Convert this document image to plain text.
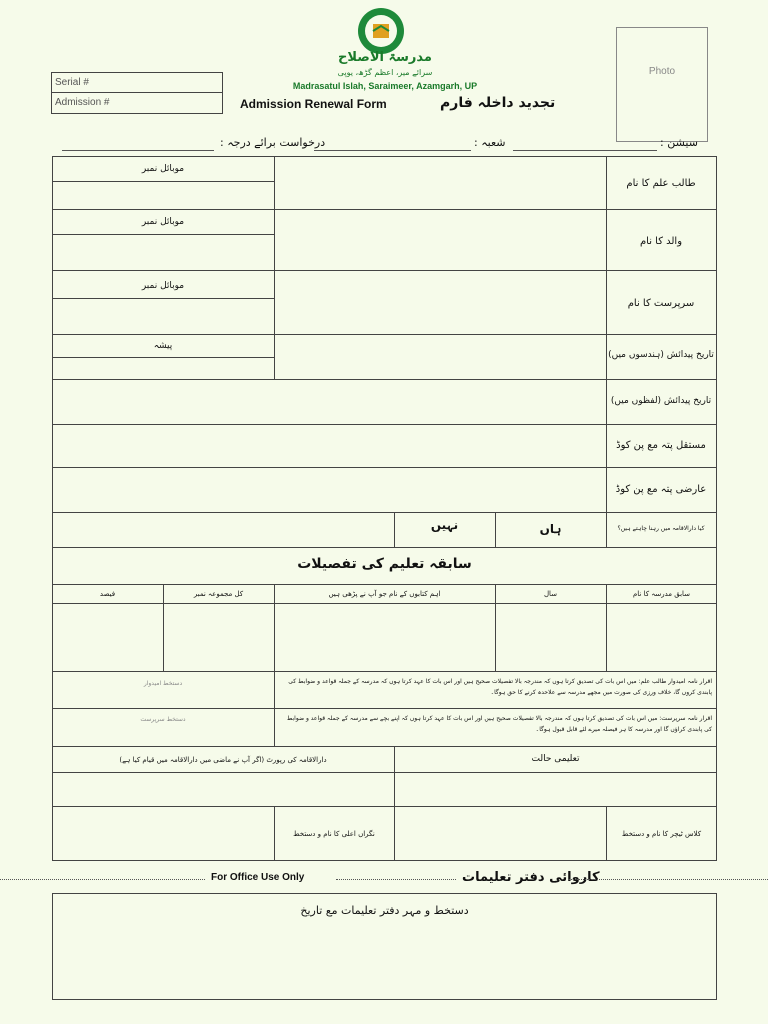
مدرسۃ الاصلاح
سرائے میر، اعظم گڑھ، یوپی
Madrasatul Islah, Saraimeer, Azamgarh, UP
Serial #
Admission #
Photo
Admission Renewal Form	تجدید داخلہ فارم
سیشن :
شعبہ :
درخواست برائے درجہ :
طالب علم کا نام
والد کا نام
سرپرست کا نام
تاریخ پیدائش (ہندسوں میں)
تاریخ پیدائش (لفظوں میں)
مستقل پتہ مع پن کوڈ
عارضی پتہ مع پن کوڈ
کیا دارالاقامہ میں رہنا چاہتے ہیں؟
موبائل نمبر
موبائل نمبر
موبائل نمبر
پیشہ
ہاں
نہیں
سابقہ تعلیم کی تفصیلات
سابق مدرسہ کا نام
سال
اہم کتابوں کے نام جو آپ نے پڑھی ہیں
کل مجموعہ نمبر
فیصد
اقرار نامہ امیدوار طالب علم: میں اس بات کی تصدیق کرتا ہوں کہ مندرجہ بالا تفصیلات صحیح ہیں اور اس بات کا عہد کرتا ہوں کہ مدرسہ کے جملہ قواعد و ضوابط کی پابندی کروں گا، خلاف ورزی کی صورت میں مجھے مدرسہ سے علاحدہ کرنے کا حق ہوگا۔
دستخط امیدوار
اقرار نامہ سرپرست: میں اس بات کی تصدیق کرتا ہوں کہ مندرجہ بالا تفصیلات صحیح ہیں اور اس بات کا عہد کرتا ہوں کہ اپنے بچے سے مدرسہ کے جملہ قواعد و ضوابط کی پابندی کراؤں گا اور مدرسہ کا ہر فیصلہ میرے لئے قابل قبول ہوگا۔
دستخط سرپرست
تعلیمی حالت
دارالاقامہ کی رپورٹ (اگر آپ نے ماضی میں دارالاقامہ میں قیام کیا ہے)
کلاس ٹیچر کا نام و دستخط
نگراں اعلی کا نام و دستخط
For Office Use Only	کاروائی دفتر تعلیمات
دستخط و مہر دفتر تعلیمات مع تاریخ
